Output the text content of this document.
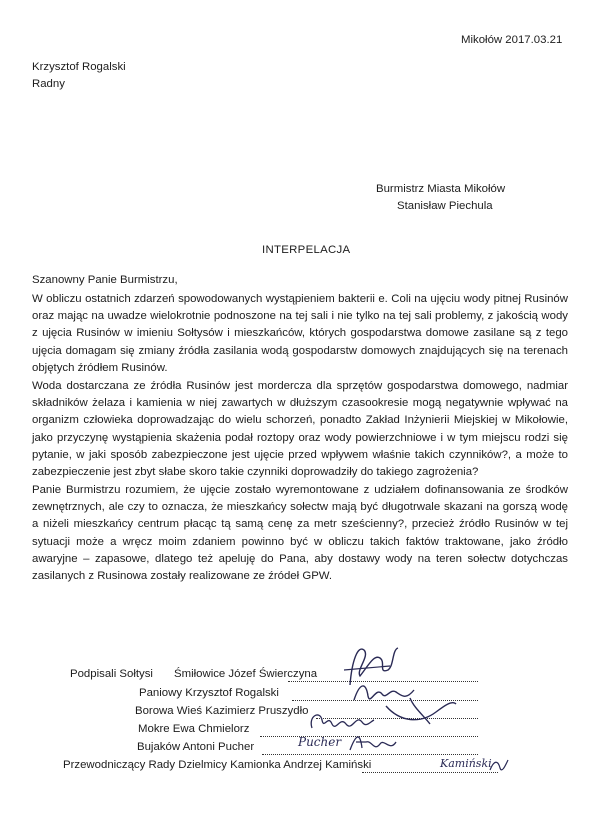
Mikołów 2017.03.21
Krzysztof Rogalski
Radny
Burmistrz Miasta Mikołów
Stanisław Piechula
INTERPELACJA
Szanowny Panie Burmistrzu,

W obliczu ostatnich zdarzeń spowodowanych wystąpieniem bakterii e. Coli na ujęciu wody pitnej Rusinów oraz mając na uwadze wielokrotnie podnoszone na tej sali i nie tylko na tej sali problemy, z jakością wody z ujęcia Rusinów w imieniu Sołtysów i mieszkańców, których gospodarstwa domowe zasilane są z tego ujęcia domagam się zmiany źródła zasilania wodą gospodarstw domowych znajdujących się na terenach objętych źródłem Rusinów.

Woda dostarczana ze źródła Rusinów jest mordercza dla sprzętów gospodarstwa domowego, nadmiar składników żelaza i kamienia w niej zawartych w dłuższym czasookresie mogą negatywnie wpływać na organizm człowieka doprowadzając do wielu schorzeń, ponadto Zakład Inżynierii Miejskiej w Mikołowie, jako przyczynę wystąpienia skażenia podał roztopy oraz wody powierzchniowe i w tym miejscu rodzi się pytanie, w jaki sposób zabezpieczone jest ujęcie przed wpływem właśnie takich czynników?, a może to zabezpieczenie jest zbyt słabe skoro takie czynniki doprowadziły do takiego zagrożenia?

Panie Burmistrzu rozumiem, że ujęcie zostało wyremontowane z udziałem dofinansowania ze środków zewnętrznych, ale czy to oznacza, że mieszkańcy sołectw mają być długotrwale skazani na gorszą wodę a niżeli mieszkańcy centrum płacąc tą samą cenę za metr sześcienny?, przecież źródło Rusinów w tej sytuacji może a wręcz moim zdaniem powinno być w obliczu takich faktów traktowane, jako źródło awaryjne – zapasowe, dlatego też apeluję do Pana, aby dostawy wody na teren sołectw dotychczas zasilanych z Rusinowa zostały realizowane ze źródeł GPW.

Podpisali Sołtysi Śmiłowice Józef Świerczyna
Paniowy Krzysztof Rogalski
Borowa Wieś Kazimierz Pruszydło
Mokre Ewa Chmielorz
Bujaków Antoni Pucher
Przewodniczący Rady Dzielmicy Kamionka Andrzej Kamiński
Pucher
Kamiński
